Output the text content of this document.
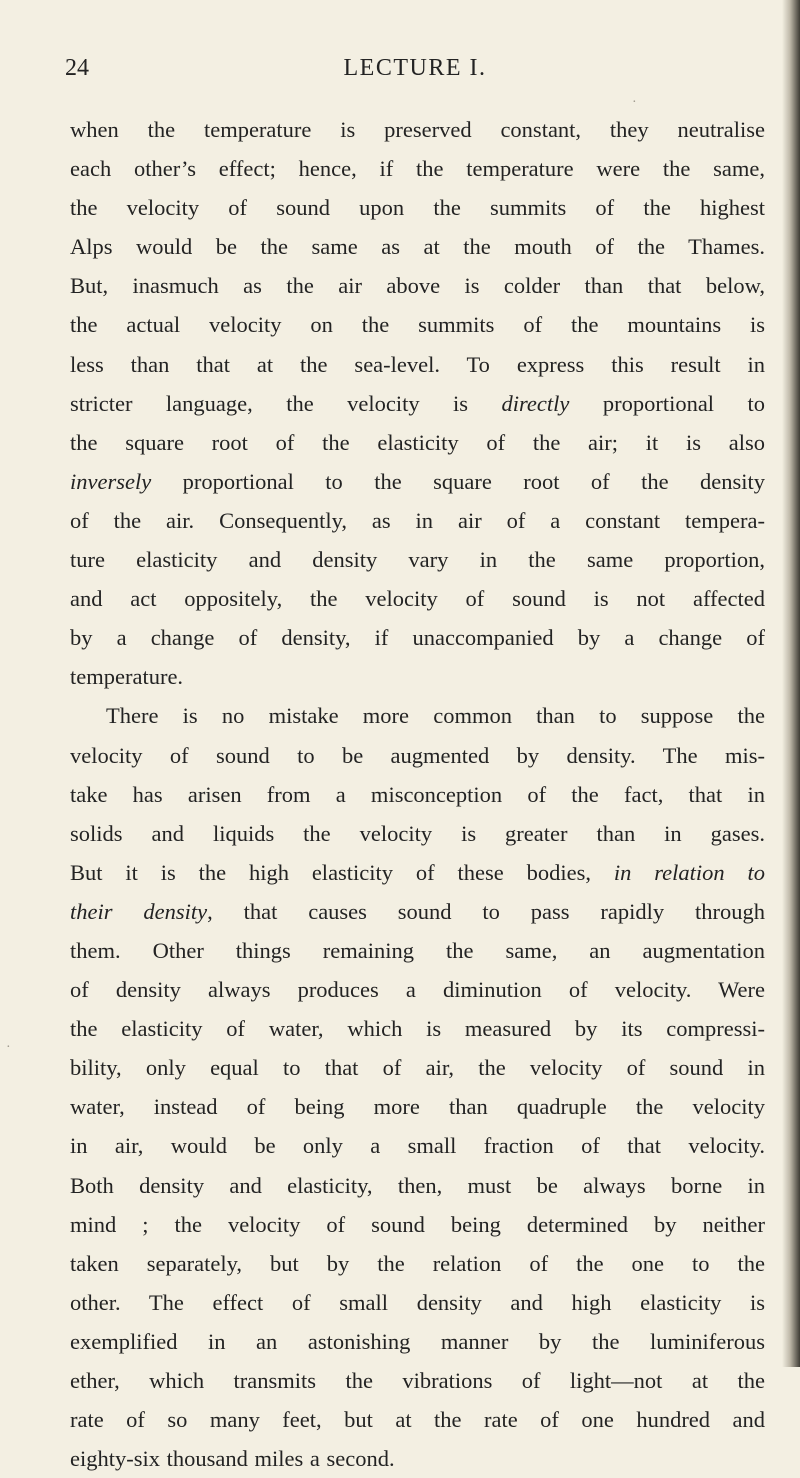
24	LECTURE I.
when the temperature is preserved constant, they neutralise
each other’s effect; hence, if the temperature were the same,
the velocity of sound upon the summits of the highest
Alps would be the same as at the mouth of the Thames.
But, inasmuch as the air above is colder than that below,
the actual velocity on the summits of the mountains is
less than that at the sea-level. To express this result in
stricter language, the velocity is directly proportional to
the square root of the elasticity of the air; it is also
inversely proportional to the square root of the density
of the air. Consequently, as in air of a constant tempera-
ture elasticity and density vary in the same proportion,
and act oppositely, the velocity of sound is not affected
by a change of density, if unaccompanied by a change of
temperature.
There is no mistake more common than to suppose the
velocity of sound to be augmented by density. The mis-
take has arisen from a misconception of the fact, that in
solids and liquids the velocity is greater than in gases.
But it is the high elasticity of these bodies, in relation to
their density, that causes sound to pass rapidly through
them. Other things remaining the same, an augmentation
of density always produces a diminution of velocity. Were
the elasticity of water, which is measured by its compressi-
bility, only equal to that of air, the velocity of sound in
water, instead of being more than quadruple the velocity
in air, would be only a small fraction of that velocity.
Both density and elasticity, then, must be always borne in
mind ; the velocity of sound being determined by neither
taken separately, but by the relation of the one to the
other. The effect of small density and high elasticity is
exemplified in an astonishing manner by the luminiferous
ether, which transmits the vibrations of light—not at the
rate of so many feet, but at the rate of one hundred and
eighty-six thousand miles a second.
·
·
